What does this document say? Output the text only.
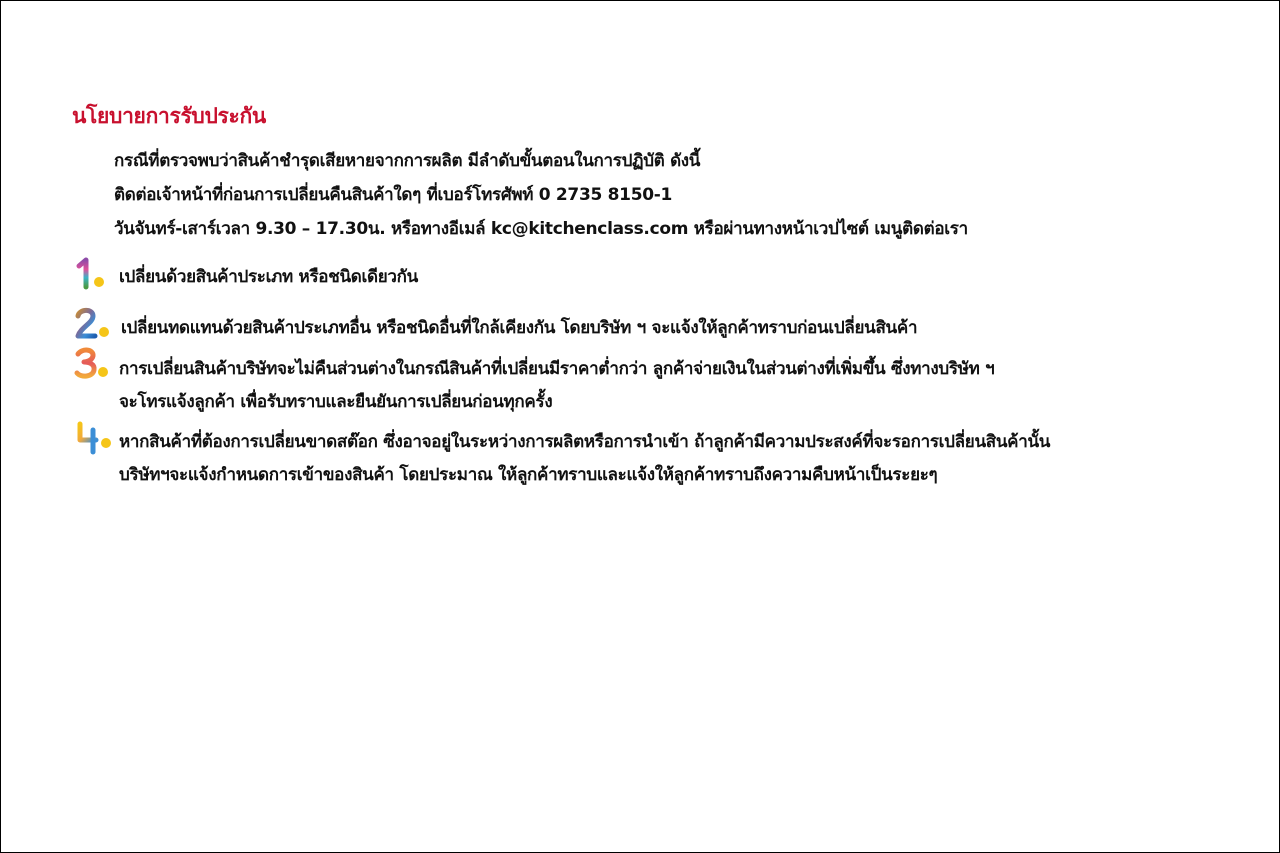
นโยบายการรับประกัน
กรณีที่ตรวจพบว่าสินค้าชำรุดเสียหายจากการผลิต มีลำดับขั้นตอนในการปฏิบัติ ดังนี้
ติดต่อเจ้าหน้าที่ก่อนการเปลี่ยนคืนสินค้าใดๆ ที่เบอร์โทรศัพท์ 0 2735 8150-1
วันจันทร์-เสาร์เวลา 9.30 – 17.30น. หรือทางอีเมล์ kc@kitchenclass.com หรือผ่านทางหน้าเวปไซต์ เมนูติดต่อเรา
เปลี่ยนด้วยสินค้าประเภท หรือชนิดเดียวกัน
เปลี่ยนทดแทนด้วยสินค้าประเภทอื่น หรือชนิดอื่นที่ใกล้เคียงกัน โดยบริษัท ฯ จะแจ้งให้ลูกค้าทราบก่อนเปลี่ยนสินค้า
การเปลี่ยนสินค้าบริษัทจะไม่คืนส่วนต่างในกรณีสินค้าที่เปลี่ยนมีราคาต่ำกว่า ลูกค้าจ่ายเงินในส่วนต่างที่เพิ่มขึ้น ซึ่งทางบริษัท ฯ
จะโทรแจ้งลูกค้า เพื่อรับทราบและยืนยันการเปลี่ยนก่อนทุกครั้ง
หากสินค้าที่ต้องการเปลี่ยนขาดสต๊อก ซึ่งอาจอยู่ในระหว่างการผลิตหรือการนำเข้า ถ้าลูกค้ามีความประสงค์ที่จะรอการเปลี่ยนสินค้านั้น
บริษัทฯจะแจ้งกำหนดการเข้าของสินค้า โดยประมาณ ให้ลูกค้าทราบและแจ้งให้ลูกค้าทราบถึงความคืบหน้าเป็นระยะๆ
